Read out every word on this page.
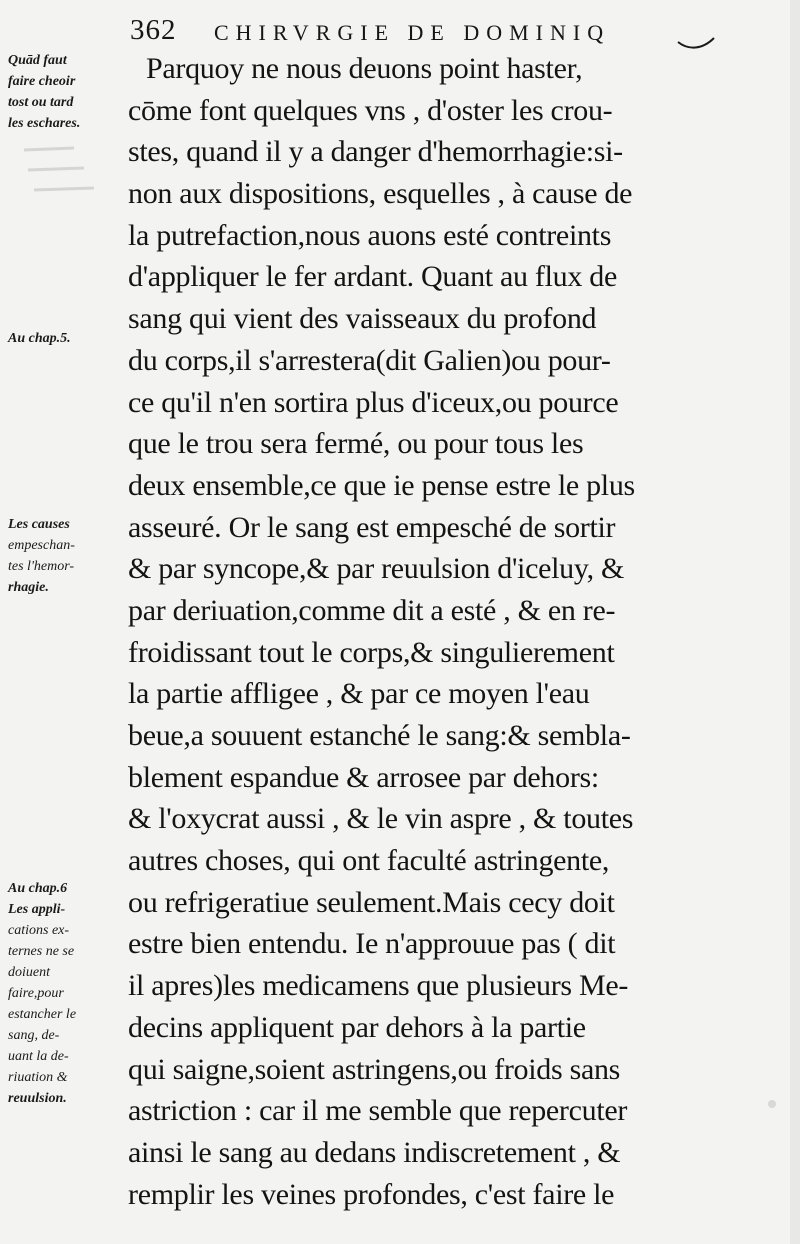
362 CHIRVRGIE DE DOMINIQ
Quād faut
faire cheoir
tost ou tard
les eschares.
Au chap.5.
Les causes
empeschan-
tes l'hemor-
rhagie.
Au chap.6
Les appli-
cations ex-
ternes ne se
doiuent
faire,pour
estancher le
sang, de-
uant la de-
riuation &
reuulsion.
Parquoy ne nous deuons point haster,
cōme font quelques vns , d'oster les crou-
stes, quand il y a danger d'hemorrhagie:si-
non aux dispositions, esquelles , à cause de
la putrefaction,nous auons esté contreints
d'appliquer le fer ardant. Quant au flux de
sang qui vient des vaisseaux du profond
du corps,il s'arrestera(dit Galien)ou pour-
ce qu'il n'en sortira plus d'iceux,ou pource
que le trou sera fermé, ou pour tous les
deux ensemble,ce que ie pense estre le plus
asseuré. Or le sang est empesché de sortir
& par syncope,& par reuulsion d'iceluy, &
par deriuation,comme dit a esté , & en re-
froidissant tout le corps,& singulierement
la partie affligee , & par ce moyen l'eau
beue,a souuent estanché le sang:& sembla-
blement espandue & arrosee par dehors:
& l'oxycrat aussi , & le vin aspre , & toutes
autres choses, qui ont faculté astringente,
ou refrigeratiue seulement.Mais cecy doit
estre bien entendu. Ie n'approuue pas ( dit
il apres)les medicamens que plusieurs Me-
decins appliquent par dehors à la partie
qui saigne,soient astringens,ou froids sans
astriction : car il me semble que repercuter
ainsi le sang au dedans indiscretement , &
remplir les veines profondes, c'est faire le
